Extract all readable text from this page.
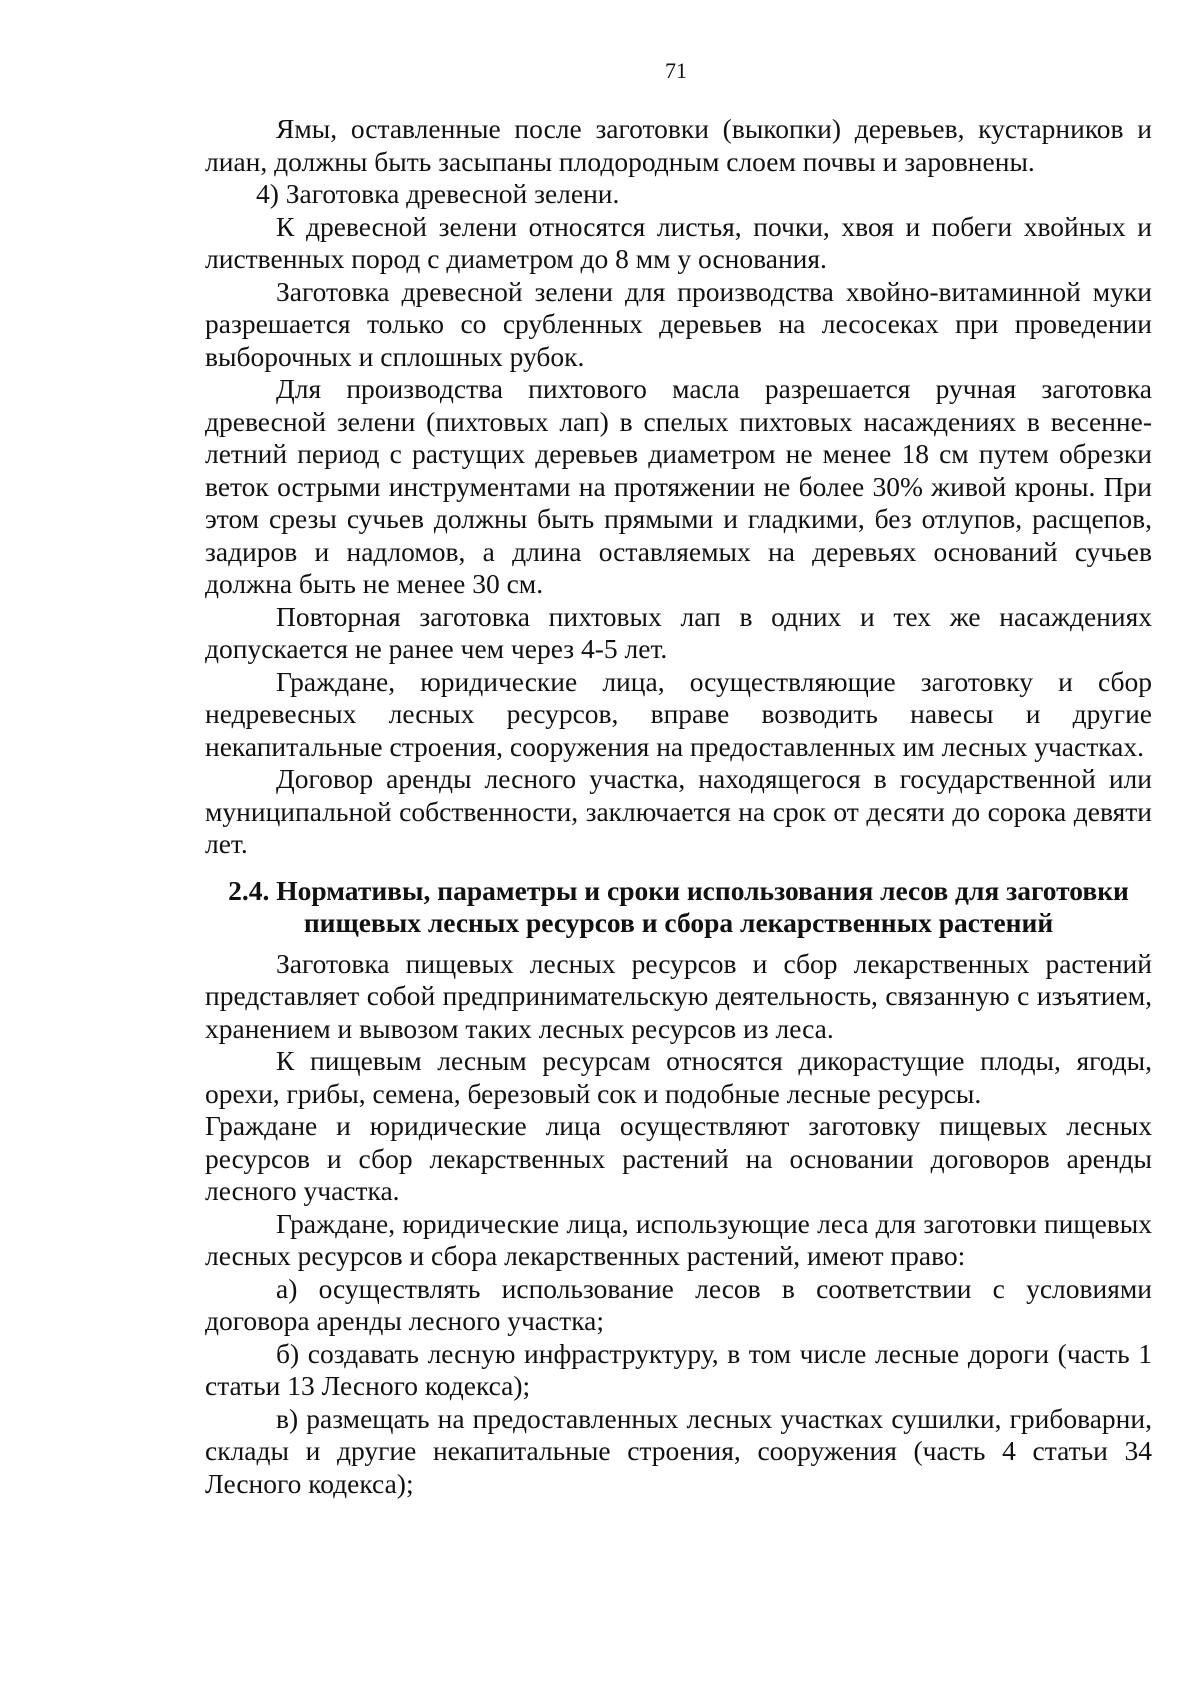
71

Ямы, оставленные после заготовки (выкопки) деревьев, кустарников и лиан, должны быть засыпаны плодородным слоем почвы и заровнены.

4) Заготовка древесной зелени.

К древесной зелени относятся листья, почки, хвоя и побеги хвойных и лиственных пород с диаметром до 8 мм у основания.

Заготовка древесной зелени для производства хвойно-витаминной муки разрешается только со срубленных деревьев на лесосеках при проведении выборочных и сплошных рубок.

Для производства пихтового масла разрешается ручная заготовка древесной зелени (пихтовых лап) в спелых пихтовых насаждениях в весенне-летний период с растущих деревьев диаметром не менее 18 см путем обрезки веток острыми инструментами на протяжении не более 30% живой кроны. При этом срезы сучьев должны быть прямыми и гладкими, без отлупов, расщепов, задиров и надломов, а длина оставляемых на деревьях оснований сучьев должна быть не менее 30 см.

Повторная заготовка пихтовых лап в одних и тех же насаждениях допускается не ранее чем через 4-5 лет.

Граждане, юридические лица, осуществляющие заготовку и сбор недревесных лесных ресурсов, вправе возводить навесы и другие некапитальные строения, сооружения на предоставленных им лесных участках.

Договор аренды лесного участка, находящегося в государственной или муниципальной собственности, заключается на срок от десяти до сорока девяти лет.

2.4. Нормативы, параметры и сроки использования лесов для заготовки
пищевых лесных ресурсов и сбора лекарственных растений

Заготовка пищевых лесных ресурсов и сбор лекарственных растений представляет собой предпринимательскую деятельность, связанную с изъятием, хранением и вывозом таких лесных ресурсов из леса.

К пищевым лесным ресурсам относятся дикорастущие плоды, ягоды, орехи, грибы, семена, березовый сок и подобные лесные ресурсы.

Граждане и юридические лица осуществляют заготовку пищевых лесных ресурсов и сбор лекарственных растений на основании договоров аренды лесного участка.

Граждане, юридические лица, использующие леса для заготовки пищевых лесных ресурсов и сбора лекарственных растений, имеют право:

а) осуществлять использование лесов в соответствии с условиями договора аренды лесного участка;

б) создавать лесную инфраструктуру, в том числе лесные дороги (часть 1 статьи 13 Лесного кодекса);

в) размещать на предоставленных лесных участках сушилки, грибоварни, склады и другие некапитальные строения, сооружения (часть 4 статьи 34 Лесного кодекса);
